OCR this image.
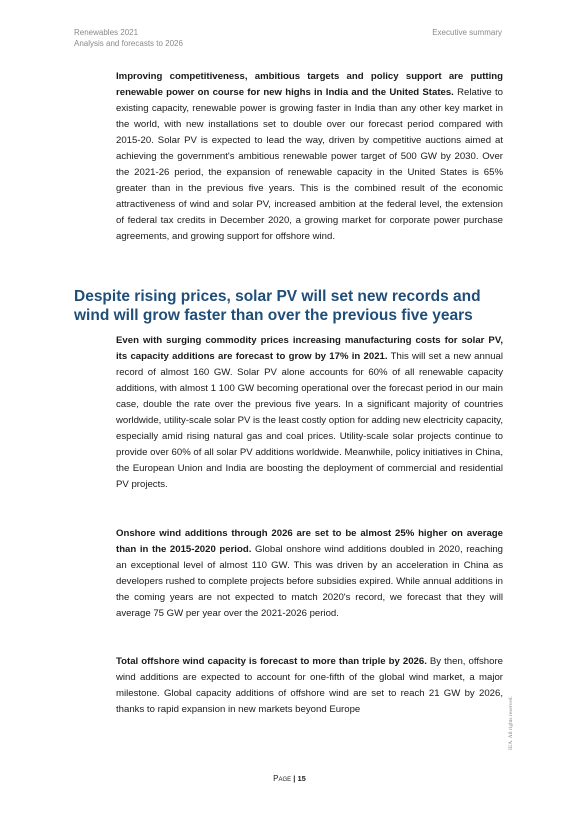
Renewables 2021
Analysis and forecasts to 2026
Executive summary

Improving competitiveness, ambitious targets and policy support are putting renewable power on course for new highs in India and the United States. Relative to existing capacity, renewable power is growing faster in India than any other key market in the world, with new installations set to double over our forecast period compared with 2015-20. Solar PV is expected to lead the way, driven by competitive auctions aimed at achieving the government's ambitious renewable power target of 500 GW by 2030. Over the 2021-26 period, the expansion of renewable capacity in the United States is 65% greater than in the previous five years. This is the combined result of the economic attractiveness of wind and solar PV, increased ambition at the federal level, the extension of federal tax credits in December 2020, a growing market for corporate power purchase agreements, and growing support for offshore wind.

Despite rising prices, solar PV will set new records and wind will grow faster than over the previous five years

Even with surging commodity prices increasing manufacturing costs for solar PV, its capacity additions are forecast to grow by 17% in 2021. This will set a new annual record of almost 160 GW. Solar PV alone accounts for 60% of all renewable capacity additions, with almost 1 100 GW becoming operational over the forecast period in our main case, double the rate over the previous five years. In a significant majority of countries worldwide, utility-scale solar PV is the least costly option for adding new electricity capacity, especially amid rising natural gas and coal prices. Utility-scale solar projects continue to provide over 60% of all solar PV additions worldwide. Meanwhile, policy initiatives in China, the European Union and India are boosting the deployment of commercial and residential PV projects.

Onshore wind additions through 2026 are set to be almost 25% higher on average than in the 2015-2020 period. Global onshore wind additions doubled in 2020, reaching an exceptional level of almost 110 GW. This was driven by an acceleration in China as developers rushed to complete projects before subsidies expired. While annual additions in the coming years are not expected to match 2020's record, we forecast that they will average 75 GW per year over the 2021-2026 period.

Total offshore wind capacity is forecast to more than triple by 2026. By then, offshore wind additions are expected to account for one-fifth of the global wind market, a major milestone. Global capacity additions of offshore wind are set to reach 21 GW by 2026, thanks to rapid expansion in new markets beyond Europe

Page | 15
IEA. All rights reserved.
